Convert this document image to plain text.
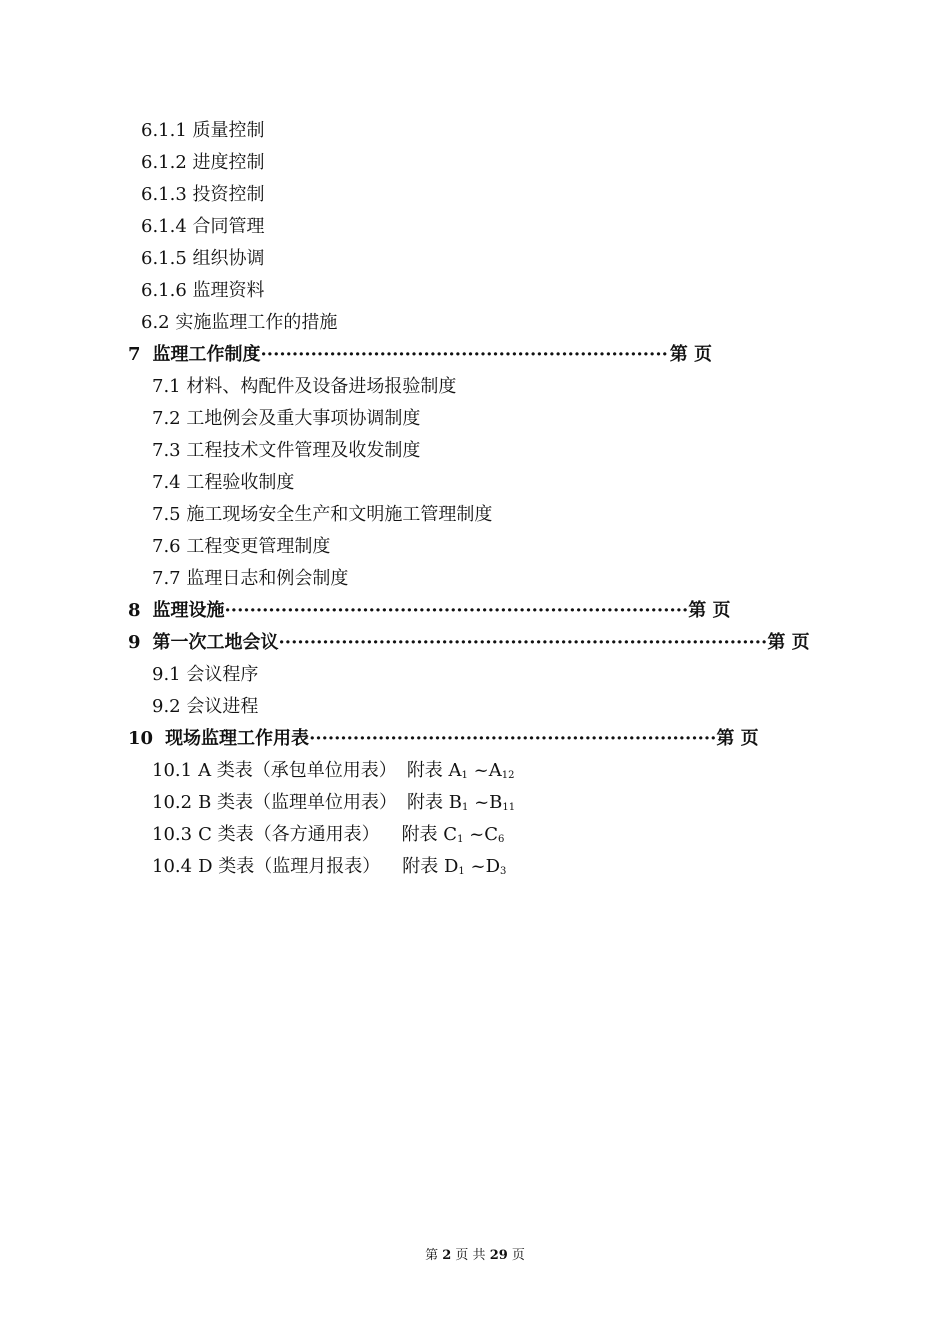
6.1.1 质量控制
6.1.2 进度控制
6.1.3 投资控制
6.1.4 合同管理
6.1.5 组织协调
6.1.6 监理资料
6.2 实施监理工作的措施
7 监理工作制度 ································································· 第 页
7.1 材料、构配件及设备进场报验制度
7.2 工地例会及重大事项协调制度
7.3 工程技术文件管理及收发制度
7.4 工程验收制度
7.5 施工现场安全生产和文明施工管理制度
7.6 工程变更管理制度
7.7 监理日志和例会制度
8 监理设施 ·········································································· 第 页
9 第一次工地会议 ·············································································· 第 页
9.1 会议程序
9.2 会议进程
10 现场监理工作用表 ································································· 第 页
10.1 A 类表（承包单位用表） 附表 $A_1$ $\sim A_{12}$
10.2 B 类表（监理单位用表） 附表 $B_1$ $\sim B_{11}$
10.3 C 类表（各方通用表） 附表 $C_1$ $\sim C_6$
10.4 D 类表（监理月报表） 附表 $D_1$ $\sim D_3$
第 2 页 共 29 页
